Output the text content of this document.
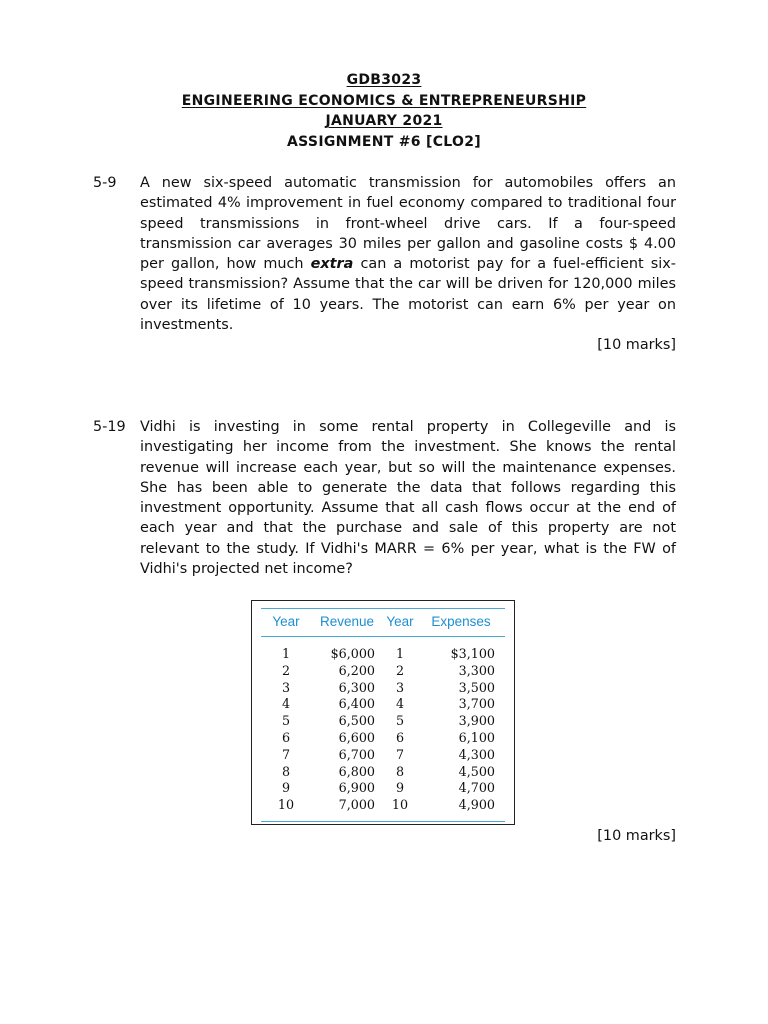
GDB3023
ENGINEERING ECONOMICS & ENTREPRENEURSHIP
JANUARY 2021
ASSIGNMENT #6 [CLO2]
5-9 A new six-speed automatic transmission for automobiles offers an estimated 4% improvement in fuel economy compared to traditional four speed transmissions in front-wheel drive cars. If a four-speed transmission car averages 30 miles per gallon and gasoline costs $ 4.00 per gallon, how much extra can a motorist pay for a fuel-efficient six-speed transmission? Assume that the car will be driven for 120,000 miles over its lifetime of 10 years. The motorist can earn 6% per year on investments.
[10 marks]
5-19 Vidhi is investing in some rental property in Collegeville and is investigating her income from the investment. She knows the rental revenue will increase each year, but so will the maintenance expenses. She has been able to generate the data that follows regarding this investment opportunity. Assume that all cash flows occur at the end of each year and that the purchase and sale of this property are not relevant to the study. If Vidhi's MARR = 6% per year, what is the FW of Vidhi's projected net income?
Year	Revenue	Year	Expenses
1	$6,000	1	$3,100
2	6,200	2	3,300
3	6,300	3	3,500
4	6,400	4	3,700
5	6,500	5	3,900
6	6,600	6	6,100
7	6,700	7	4,300
8	6,800	8	4,500
9	6,900	9	4,700
10	7,000	10	4,900
[10 marks]
